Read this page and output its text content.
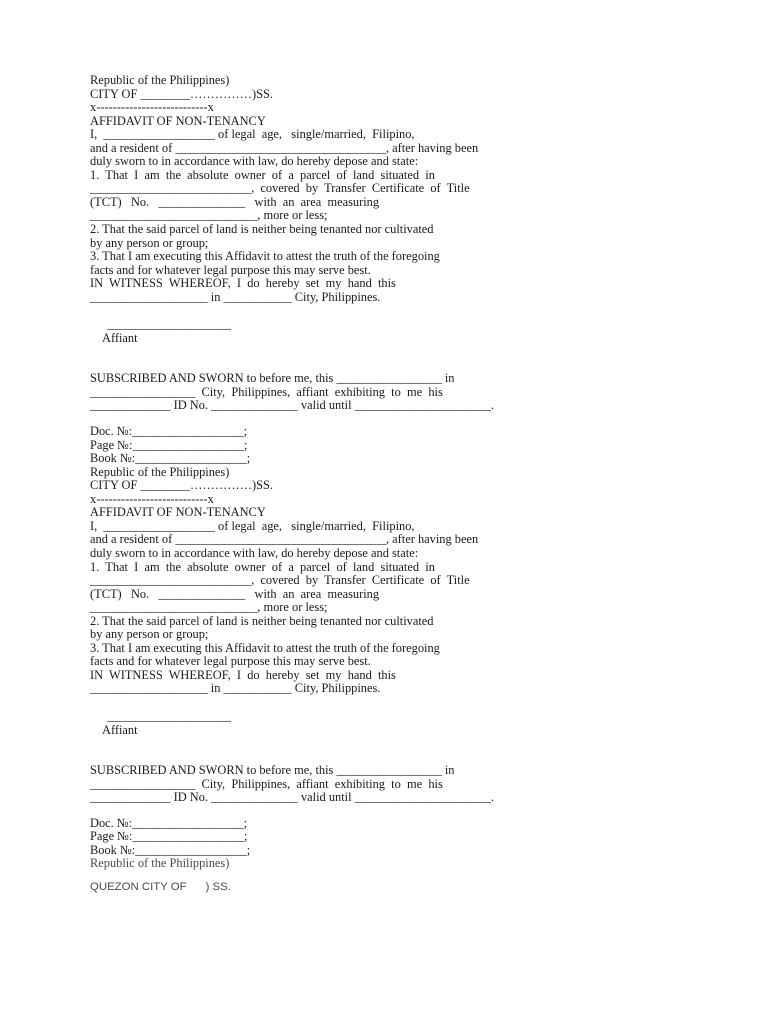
Republic of the Philippines)
CITY OF ________……………)SS.
x---------------------------x
AFFIDAVIT OF NON-TENANCY
I,  __________________ of legal  age,   single/married,  Filipino,
and a resident of __________________________________, after having been
duly sworn to in accordance with law, do hereby depose and state:
1.  That  I  am  the  absolute  owner  of  a  parcel  of  land  situated  in
__________________________,  covered  by  Transfer  Certificate  of  Title
(TCT)   No.   ______________   with  an  area  measuring
___________________________, more or less;
2. That the said parcel of land is neither being tenanted nor cultivated
by any person or group;
3. That I am executing this Affidavit to attest the truth of the foregoing
facts and for whatever legal purpose this may serve best.
IN  WITNESS  WHEREOF,  I  do  hereby  set  my  hand  this
___________________ in ___________ City, Philippines.
____________________
Affiant
SUBSCRIBED AND SWORN to before me, this _________________ in
_________________  City,  Philippines,  affiant  exhibiting  to  me  his
_____________ ID No. ______________ valid until ______________________.
Doc. №:__________________;
Page №:__________________;
Book №:__________________;
Republic of the Philippines)
CITY OF ________……………)SS.
x---------------------------x
AFFIDAVIT OF NON-TENANCY
I,  __________________ of legal  age,   single/married,  Filipino,
and a resident of __________________________________, after having been
duly sworn to in accordance with law, do hereby depose and state:
1.  That  I  am  the  absolute  owner  of  a  parcel  of  land  situated  in
__________________________,  covered  by  Transfer  Certificate  of  Title
(TCT)   No.   ______________   with  an  area  measuring
___________________________, more or less;
2. That the said parcel of land is neither being tenanted nor cultivated
by any person or group;
3. That I am executing this Affidavit to attest the truth of the foregoing
facts and for whatever legal purpose this may serve best.
IN  WITNESS  WHEREOF,  I  do  hereby  set  my  hand  this
___________________ in ___________ City, Philippines.
____________________
Affiant
SUBSCRIBED AND SWORN to before me, this _________________ in
_________________  City,  Philippines,  affiant  exhibiting  to  me  his
_____________ ID No. ______________ valid until ______________________.
Doc. №:__________________;
Page №:__________________;
Book №:__________________;
Republic of the Philippines)
QUEZON CITY OF      ) SS.
